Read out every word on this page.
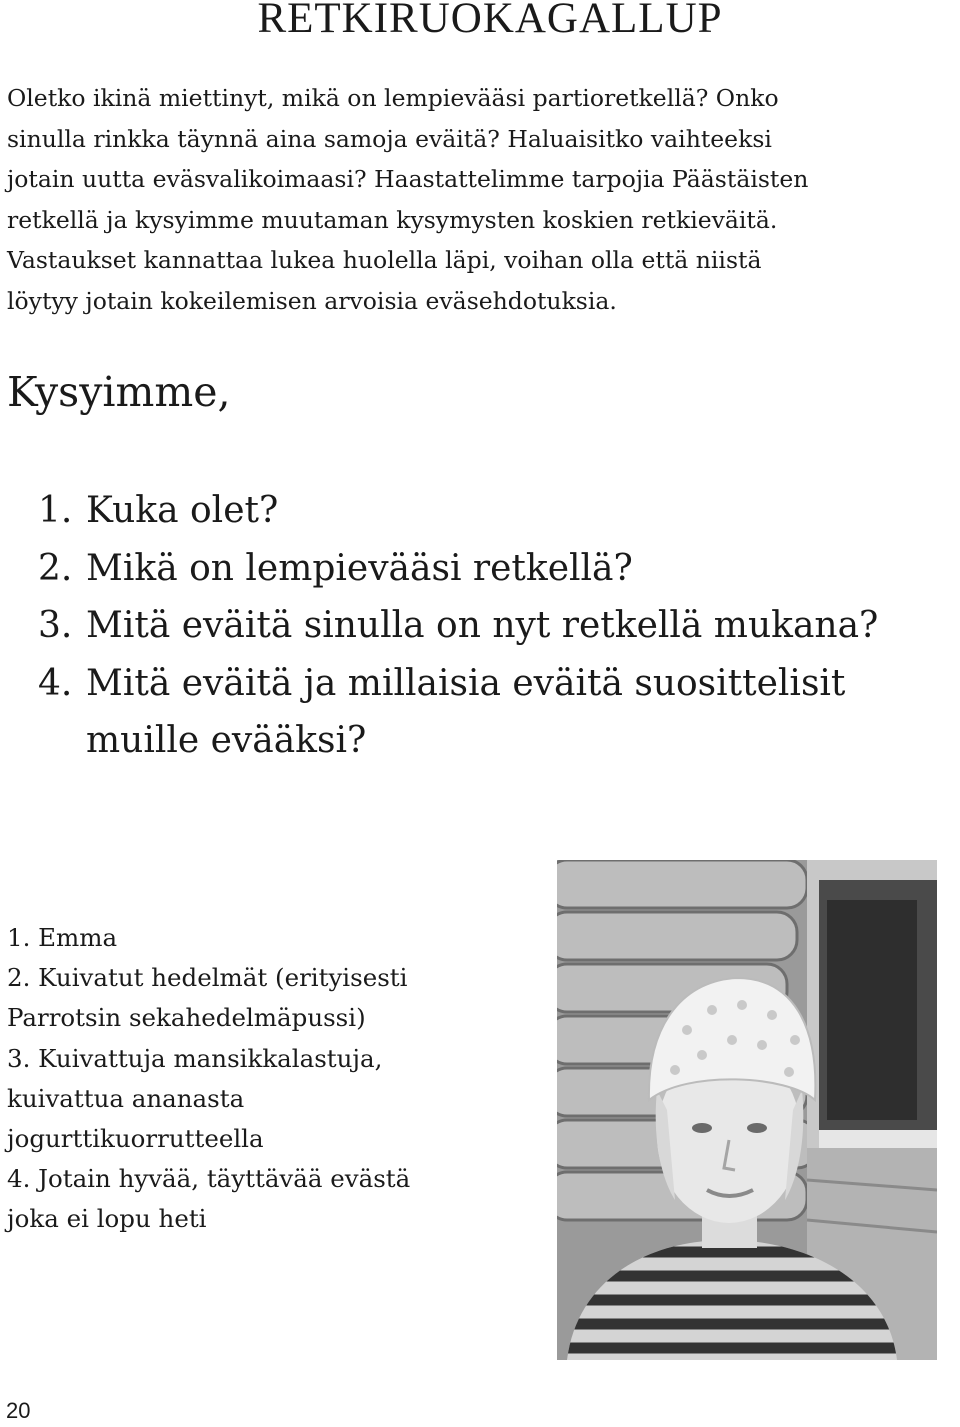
RETKIRUOKAGALLUP

Oletko ikinä miettinyt, mikä on lempievääsi partioretkellä? Onko
sinulla rinkka täynnä aina samoja eväitä? Haluaisitko vaihteeksi
jotain uutta eväsvalikoimaasi? Haastattelimme tarpojia Päästäisten
retkellä ja kysyimme muutaman kysymysten koskien retkieväitä.
Vastaukset kannattaa lukea huolella läpi, voihan olla että niistä
löytyy jotain kokeilemisen arvoisia eväsehdotuksia.

Kysyimme,
1. Kuka olet?
2. Mikä on lempievääsi retkellä?
3. Mitä eväitä sinulla on nyt retkellä mukana?
4. Mitä eväitä ja millaisia eväitä suosittelisit
muille evääksi?

1. Emma
2. Kuivatut hedelmät (erityisesti
Parrotsin sekahedelmäpussi)
3. Kuivattuja mansikkalastuja,
kuivattua ananasta
jogurttikuorrutteella
4. Jotain hyvää, täyttävää evästä
joka ei lopu heti

20
